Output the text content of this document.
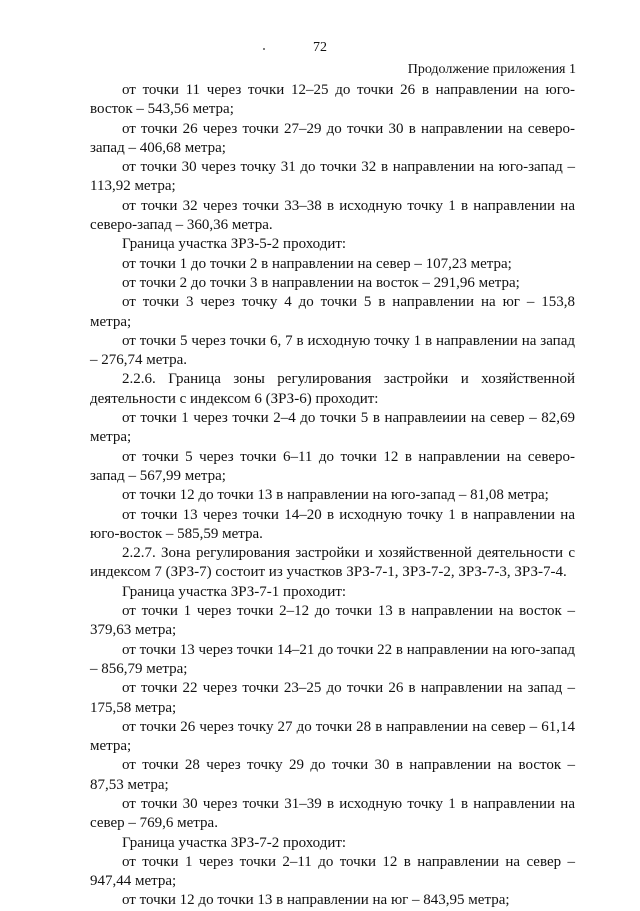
72
Продолжение приложения 1

от точки 11 через точки 12–25 до точки 26 в направлении на юго-восток – 543,56 метра;

от точки 26 через точки 27–29 до точки 30 в направлении на северо-запад – 406,68 метра;

от точки 30 через точку 31 до точки 32 в направлении на юго-запад – 113,92 метра;

от точки 32 через точки 33–38 в исходную точку 1 в направлении на северо-запад – 360,36 метра.

Граница участка ЗРЗ-5-2 проходит:

от точки 1 до точки 2 в направлении на север – 107,23 метра;

от точки 2 до точки 3 в направлении на восток – 291,96 метра;

от точки 3 через точку 4 до точки 5 в направлении на юг – 153,8 метра;

от точки 5 через точки 6, 7 в исходную точку 1 в направлении на запад – 276,74 метра.

2.2.6. Граница зоны регулирования застройки и хозяйственной деятельности с индексом 6 (ЗРЗ-6) проходит:

от точки 1 через точки 2–4 до точки 5 в направлеиии на север – 82,69 метра;

от точки 5 через точки 6–11 до точки 12 в направлении на северо-запад – 567,99 метра;

от точки 12 до точки 13 в направлении на юго-запад – 81,08 метра;

от точки 13 через точки 14–20 в исходную точку 1 в направлении на юго-восток – 585,59 метра.

2.2.7. Зона регулирования застройки и хозяйственной деятельности с индексом 7 (ЗРЗ-7) состоит из участков ЗРЗ-7-1, ЗРЗ-7-2, ЗРЗ-7-3, ЗРЗ-7-4.

Граница участка ЗРЗ-7-1 проходит:

от точки 1 через точки 2–12 до точки 13 в направлении на восток – 379,63 метра;

от точки 13 через точки 14–21 до точки 22 в направлении на юго-запад – 856,79 метра;

от точки 22 через точки 23–25 до точки 26 в направлении на запад – 175,58 метра;

от точки 26 через точку 27 до точки 28 в направлении на север – 61,14 метра;

от точки 28 через точку 29 до точки 30 в направлении на восток – 87,53 метра;

от точки 30 через точки 31–39 в исходную точку 1 в направлении на север – 769,6 метра.

Граница участка ЗРЗ-7-2 проходит:

от точки 1 через точки 2–11 до точки 12 в направлении на север – 947,44 метра;

от точки 12 до точки 13 в направлении на юг – 843,95 метра;
